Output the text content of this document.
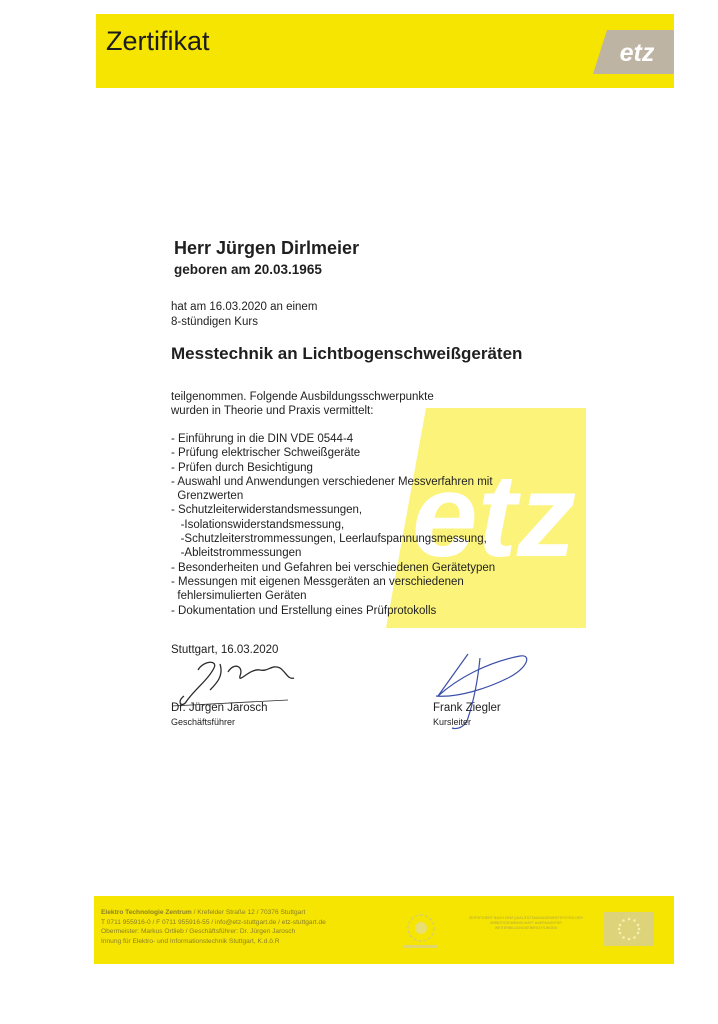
Zertifikat	etz
etz
Herr Jürgen Dirlmeier
geboren am 20.03.1965
hat am 16.03.2020 an einem
8-stündigen Kurs
Messtechnik an Lichtbogenschweißgeräten
teilgenommen. Folgende Ausbildungsschwerpunkte
wurden in Theorie und Praxis vermittelt:
- Einführung in die DIN VDE 0544-4
- Prüfung elektrischer Schweißgeräte
- Prüfen durch Besichtigung
- Auswahl und Anwendungen verschiedener Messverfahren mit
Grenzwerten
- Schutzleiterwiderstandsmessungen,
-Isolationswiderstandsmessung,
-Schutzleiterstrommessungen, Leerlaufspannungsmessung,
-Ableitstrommessungen
- Besonderheiten und Gefahren bei verschiedenen Gerätetypen
- Messungen mit eigenen Messgeräten an verschiedenen
fehlersimulierten Geräten
- Dokumentation und Erstellung eines Prüfprotokolls
Stuttgart, 16.03.2020
Dr. Jürgen Jarosch
Geschäftsführer
Frank Ziegler
Kursleiter
Elektro Technologie Zentrum / Krefelder Straße 12 / 70376 Stuttgart
T 0711 955916-0 / F 0711 955916-55 / info@etz-stuttgart.de / etz-stuttgart.de
Obermeister: Markus Ortlieb / Geschäftsführer: Dr. Jürgen Jarosch
Innung für Elektro- und Informationstechnik Stuttgart, K.d.ö.R
ZERTIFIZIERT NACH DEM QUALITÄTSMANAGEMENTSYSTEM DER ARBEITSGEMEINSCHAFT ANERKANNTER WEITERBILDUNGSEINRICHTUNGEN
